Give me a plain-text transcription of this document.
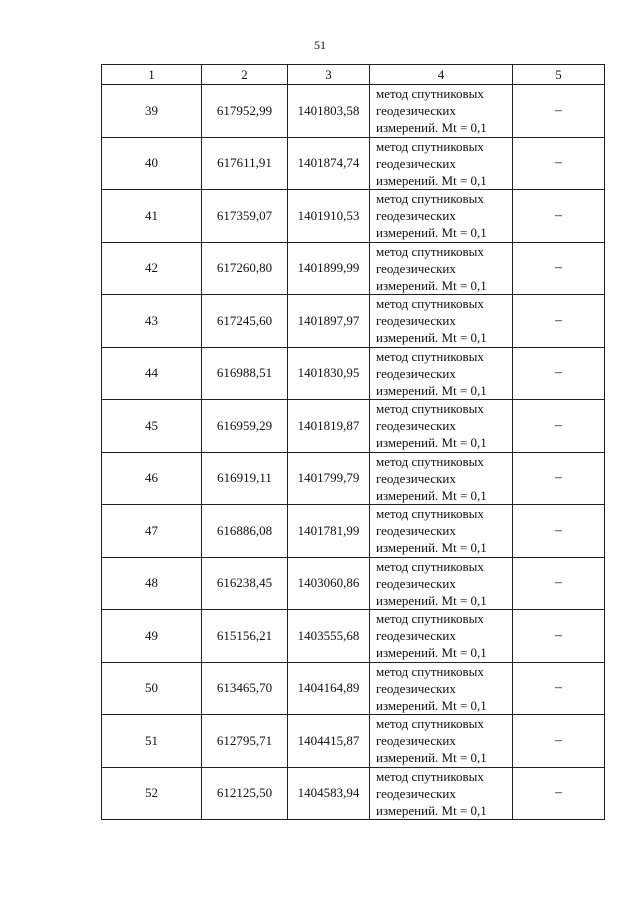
51
1	2	3	4	5
39	617952,99	1401803,58	метод спутниковых
геодезических
измерений. Mt = 0,1	–
40	617611,91	1401874,74	метод спутниковых
геодезических
измерений. Mt = 0,1	–
41	617359,07	1401910,53	метод спутниковых
геодезических
измерений. Mt = 0,1	–
42	617260,80	1401899,99	метод спутниковых
геодезических
измерений. Mt = 0,1	–
43	617245,60	1401897,97	метод спутниковых
геодезических
измерений. Mt = 0,1	–
44	616988,51	1401830,95	метод спутниковых
геодезических
измерений. Mt = 0,1	–
45	616959,29	1401819,87	метод спутниковых
геодезических
измерений. Mt = 0,1	–
46	616919,11	1401799,79	метод спутниковых
геодезических
измерений. Mt = 0,1	–
47	616886,08	1401781,99	метод спутниковых
геодезических
измерений. Mt = 0,1	–
48	616238,45	1403060,86	метод спутниковых
геодезических
измерений. Mt = 0,1	–
49	615156,21	1403555,68	метод спутниковых
геодезических
измерений. Mt = 0,1	–
50	613465,70	1404164,89	метод спутниковых
геодезических
измерений. Mt = 0,1	–
51	612795,71	1404415,87	метод спутниковых
геодезических
измерений. Mt = 0,1	–
52	612125,50	1404583,94	метод спутниковых
геодезических
измерений. Mt = 0,1	–
